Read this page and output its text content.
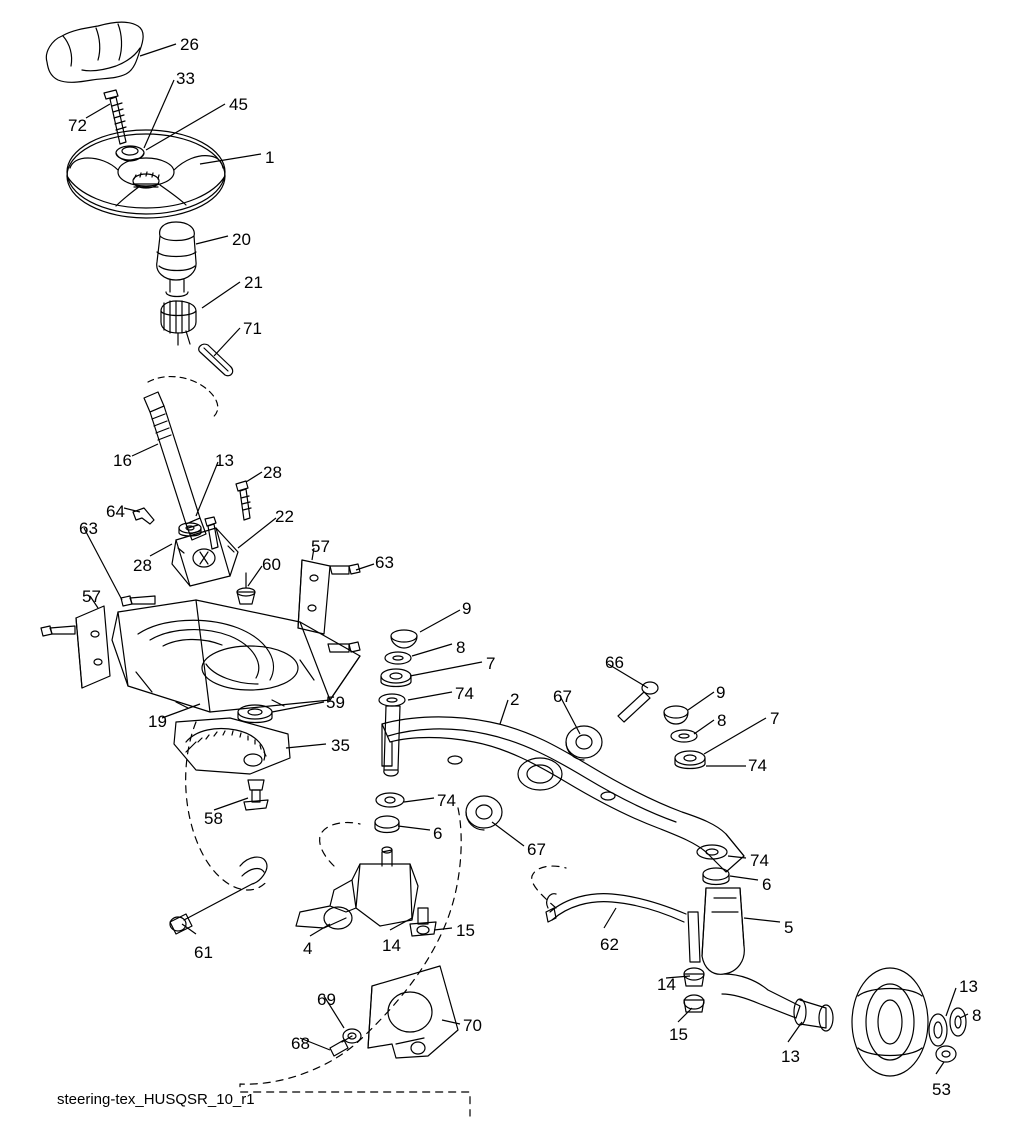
26
33
45
72
1
20
21
71
16	13
28
64	22
63
28	60
57
63
57
9
8
7
74 2
66
67	9
8	7
74
59
19
35
74
6
67
74
6
58
5
61	4	14
15
62
14
15
13
8
69
70
68
13
53
steering-tex_HUSQSR_10_r1
